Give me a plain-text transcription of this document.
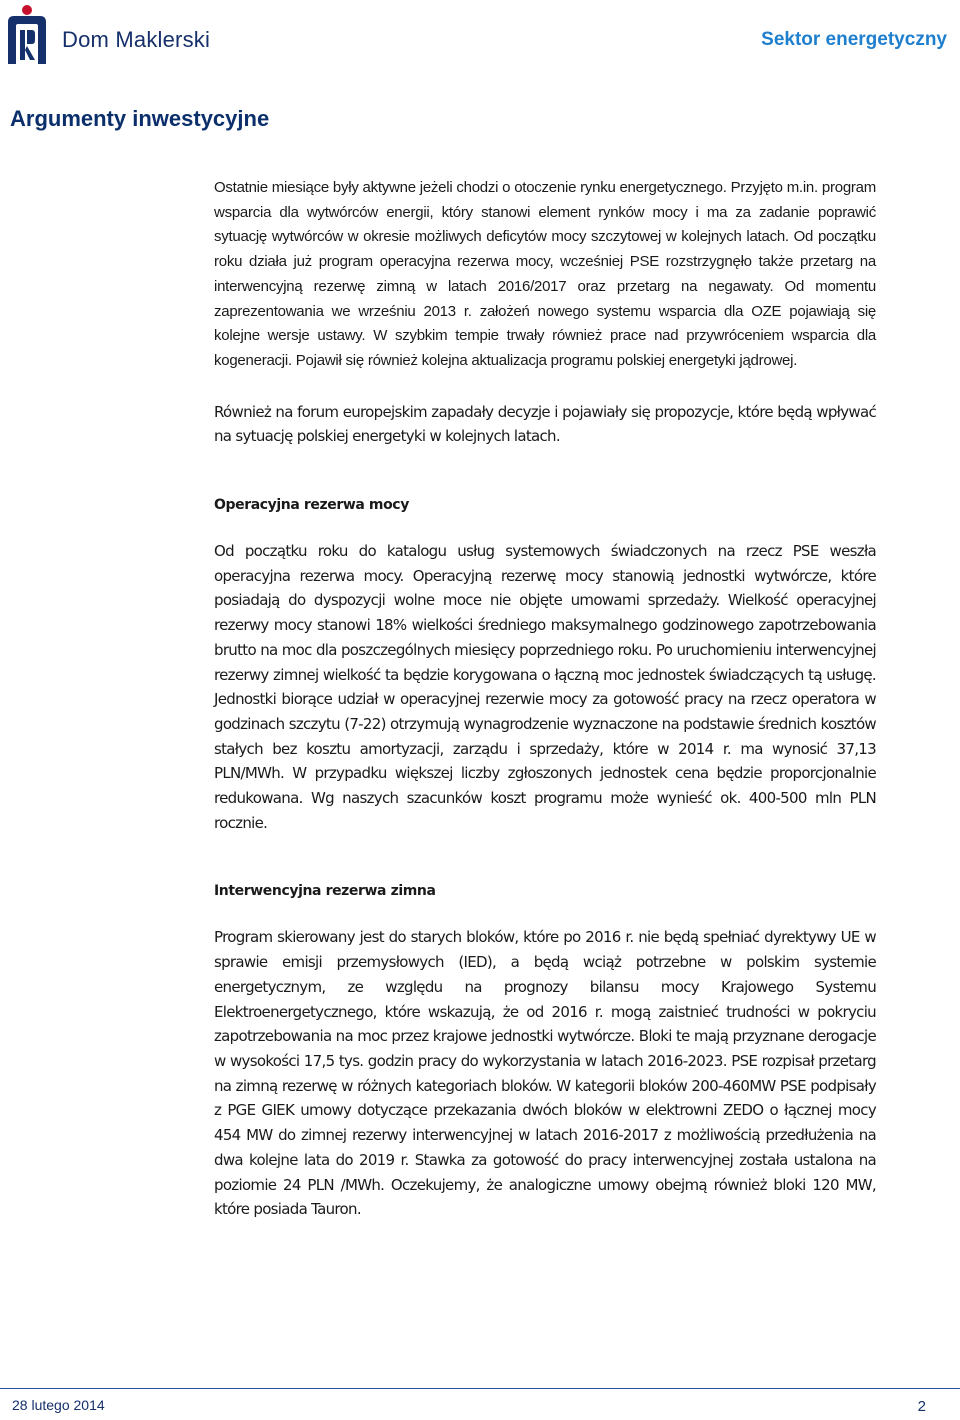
Dom Maklerski	Sektor energetyczny
Argumenty inwestycyjne

Ostatnie miesiące były aktywne jeżeli chodzi o otoczenie rynku energetycznego. Przyjęto m.in. program wsparcia dla wytwórców energii, który stanowi element rynków mocy i ma za zadanie poprawić sytuację wytwórców w okresie możliwych deficytów mocy szczytowej w kolejnych latach. Od początku roku działa już program operacyjna rezerwa mocy, wcześniej PSE rozstrzygnęło także przetarg na interwencyjną rezerwę zimną w latach 2016/2017 oraz przetarg na negawaty. Od momentu zaprezentowania we wrześniu 2013 r. założeń nowego systemu wsparcia dla OZE pojawiają się kolejne wersje ustawy. W szybkim tempie trwały również prace nad przywróceniem wsparcia dla kogeneracji. Pojawił się również kolejna aktualizacja programu polskiej energetyki jądrowej.

Również na forum europejskim zapadały decyzje i pojawiały się propozycje, które będą wpływać na sytuację polskiej energetyki w kolejnych latach.

Operacyjna rezerwa mocy

Od początku roku do katalogu usług systemowych świadczonych na rzecz PSE weszła operacyjna rezerwa mocy. Operacyjną rezerwę mocy stanowią jednostki wytwórcze, które posiadają do dyspozycji wolne moce nie objęte umowami sprzedaży. Wielkość operacyjnej rezerwy mocy stanowi 18% wielkości średniego maksymalnego godzinowego zapotrzebowania brutto na moc dla poszczególnych miesięcy poprzedniego roku. Po uruchomieniu interwencyjnej rezerwy zimnej wielkość ta będzie korygowana o łączną moc jednostek świadczących tą usługę. Jednostki biorące udział w operacyjnej rezerwie mocy za gotowość pracy na rzecz operatora w godzinach szczytu (7-22) otrzymują wynagrodzenie wyznaczone na podstawie średnich kosztów stałych bez kosztu amortyzacji, zarządu i sprzedaży, które w 2014 r. ma wynosić 37,13 PLN/MWh. W przypadku większej liczby zgłoszonych jednostek cena będzie proporcjonalnie redukowana. Wg naszych szacunków koszt programu może wynieść ok. 400-500 mln PLN rocznie.

Interwencyjna rezerwa zimna

Program skierowany jest do starych bloków, które po 2016 r. nie będą spełniać dyrektywy UE w sprawie emisji przemysłowych (IED), a będą wciąż potrzebne w polskim systemie energetycznym, ze względu na prognozy bilansu mocy Krajowego Systemu Elektroenergetycznego, które wskazują, że od 2016 r. mogą zaistnieć trudności w pokryciu zapotrzebowania na moc przez krajowe jednostki wytwórcze. Bloki te mają przyznane derogacje w wysokości 17,5 tys. godzin pracy do wykorzystania w latach 2016-2023. PSE rozpisał przetarg na zimną rezerwę w różnych kategoriach bloków. W kategorii bloków 200-460MW PSE podpisały z PGE GIEK umowy dotyczące przekazania dwóch bloków w elektrowni ZEDO o łącznej mocy 454 MW do zimnej rezerwy interwencyjnej w latach 2016-2017 z możliwością przedłużenia na dwa kolejne lata do 2019 r. Stawka za gotowość do pracy interwencyjnej została ustalona na poziomie 24 PLN /MWh. Oczekujemy, że analogiczne umowy obejmą również bloki 120 MW, które posiada Tauron.

28 lutego 2014	2
